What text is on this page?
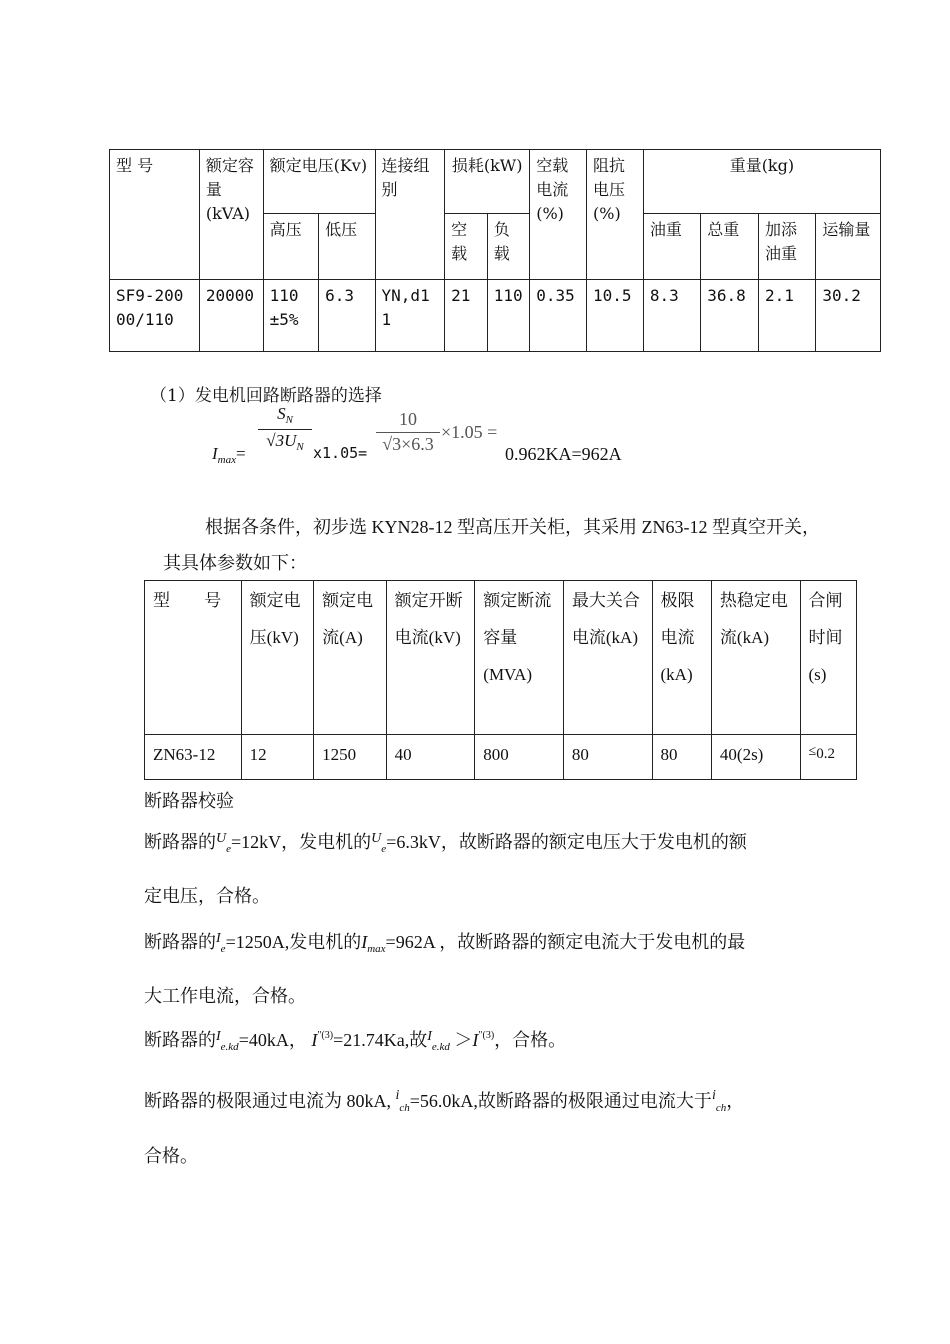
型 号	额定容量(kVA)	额定电压(Kv)		连接组别	损耗(kW)		空载电流(%)	阻抗电压(%)	重量(kg)			
		高压	低压		空载	负载			油重	总重	加添油重	运输量
SF9-20000/110	20000	110 ±5%	6.3	YN,d11	21	110	0.35	10.5	8.3	36.8	2.1	30.2
（1）发电机回路断路器的选择
$I_{max}=$
$S_N$
$√3U_N$ x1.05=
10
√3×6.3
×1.05 =
0.962KA=962A
根据各条件，初步选 KYN28-12 型高压开关柜，其采用 ZN63-12 型真空开关，其具体参数如下：
型 号	额定电压(kV)	额定电流(A)	额定开断电流(kV)	额定断流容量(MVA)	最大关合电流(kA)	极限电流(kA)	热稳定电流(kA)	合闸时间(s)
ZN63-12	12	1250	40	800	80	80	40(2s)	≤0.2
断路器校验
断路器的$^U_e$=12kV，发电机的$^U_e$=6.3kV，故断路器的额定电压大于发电机的额
定电压，合格。
断路器的$^I_e$=1250A,发电机的$I_{max}=962A$ ，故断路器的额定电流大于发电机的最
大工作电流，合格。
断路器的$^I_{e.kd}$=40kA， $I^{"(3)}=21.74Ka$,故$^I_{e.kd} >I^{"(3)}$，合格。
断路器的极限通过电流为 80kA, $^i_{ch}$=56.0kA,故断路器的极限通过电流大于$^i_{ch}$，
合格。
